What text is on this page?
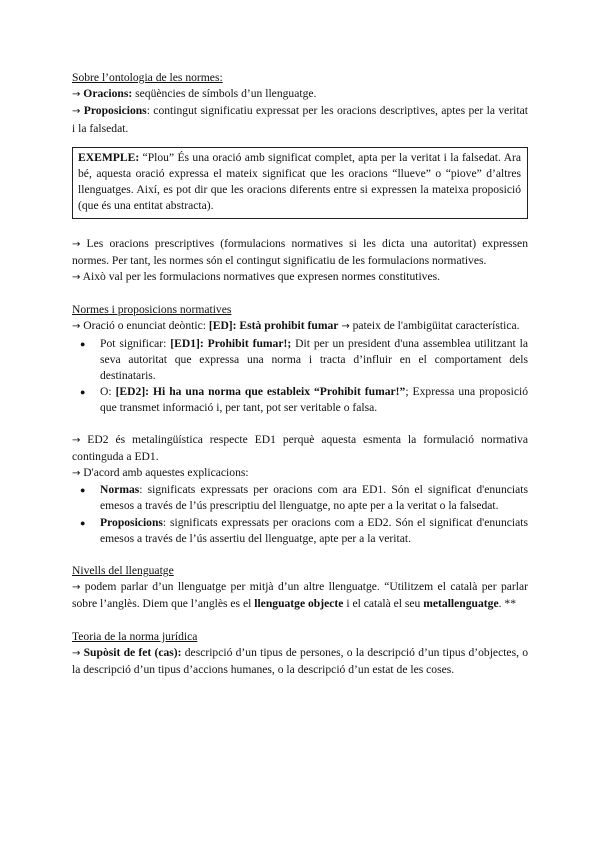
Sobre l’ontologia de les normes:

→ Oracions: seqüències de símbols d’un llenguatge.

→ Proposicions: contingut significatiu expressat per les oracions descriptives, aptes per la veritat i la falsedat.

EXEMPLE: “Plou” És una oració amb significat complet, apta per la veritat i la falsedat. Ara bé, aquesta oració expressa el mateix significat que les oracions “llueve” o “piove” d’altres llenguatges. Així, es pot dir que les oracions diferents entre si expressen la mateixa proposició (que és una entitat abstracta).

→ Les oracions prescriptives (formulacions normatives si les dicta una autoritat) expressen normes. Per tant, les normes són el contingut significatiu de les formulacions normatives.

→ Això val per les formulacions normatives que expresen normes constitutives.

Normes i proposicions normatives

→ Oració o enunciat deòntic: [ED]: Està prohibit fumar → pateix de l'ambigüitat característica.

● Pot significar: [ED1]: Prohibit fumar!; Dit per un president d'una assemblea utilitzant la seva autoritat que expressa una norma i tracta d’influir en el comportament dels destinataris.
● O: [ED2]: Hi ha una norma que estableix “Prohibit fumar!”; Expressa una proposició que transmet informació i, per tant, pot ser veritable o falsa.

→ ED2 és metalingüística respecte ED1 perquè aquesta esmenta la formulació normativa continguda a ED1.

→ D'acord amb aquestes explicacions:

● Normas: significats expressats per oracions com ara ED1. Són el significat d'enunciats emesos a través de l’ús prescriptiu del llenguatge, no apte per a la veritat o la falsedat.
● Proposicions: significats expressats per oracions com a ED2. Són el significat d'enunciats emesos a través de l’ús assertiu del llenguatge, apte per a la veritat.

Nivells del llenguatge

→ podem parlar d’un llenguatge per mitjà d’un altre llenguatge. “Utilitzem el català per parlar sobre l’anglès. Diem que l’anglès es el llenguatge objecte i el català el seu metallenguatge. **

Teoria de la norma jurídica

→ Supòsit de fet (cas): descripció d’un tipus de persones, o la descripció d’un tipus d’objectes, o la descripció d’un tipus d’accions humanes, o la descripció d’un estat de les coses.
